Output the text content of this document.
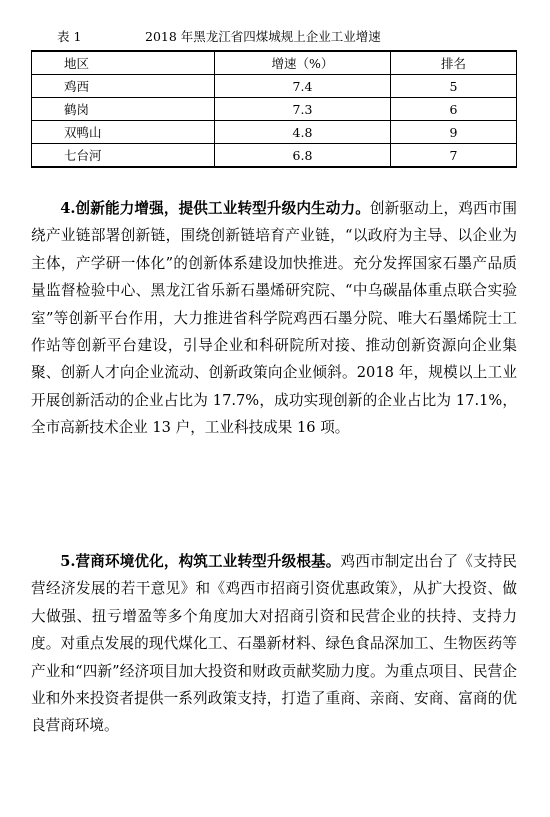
表 1	2018 年黑龙江省四煤城规上企业工业增速
地区	增速（%）	排名
鸡西	7.4	5
鹤岗	7.3	6
双鸭山	4.8	9
七台河	6.8	7

4.创新能力增强，提供工业转型升级内生动力。创新驱动上，鸡西市围绕产业链部署创新链，围绕创新链培育产业链，“以政府为主导、以企业为主体，产学研一体化”的创新体系建设加快推进。充分发挥国家石墨产品质量监督检验中心、黑龙江省乐新石墨烯研究院、“中乌碳晶体重点联合实验室”等创新平台作用，大力推进省科学院鸡西石墨分院、唯大石墨烯院士工作站等创新平台建设，引导企业和科研院所对接、推动创新资源向企业集聚、创新人才向企业流动、创新政策向企业倾斜。2018 年，规模以上工业开展创新活动的企业占比为 17.7%，成功实现创新的企业占比为 17.1%，全市高新技术企业 13 户，工业科技成果 16 项。

5.营商环境优化，构筑工业转型升级根基。鸡西市制定出台了《支持民营经济发展的若干意见》和《鸡西市招商引资优惠政策》，从扩大投资、做大做强、扭亏增盈等多个角度加大对招商引资和民营企业的扶持、支持力度。对重点发展的现代煤化工、石墨新材料、绿色食品深加工、生物医药等产业和“四新”经济项目加大投资和财政贡献奖励力度。为重点项目、民营企业和外来投资者提供一系列政策支持，打造了重商、亲商、安商、富商的优良营商环境。
